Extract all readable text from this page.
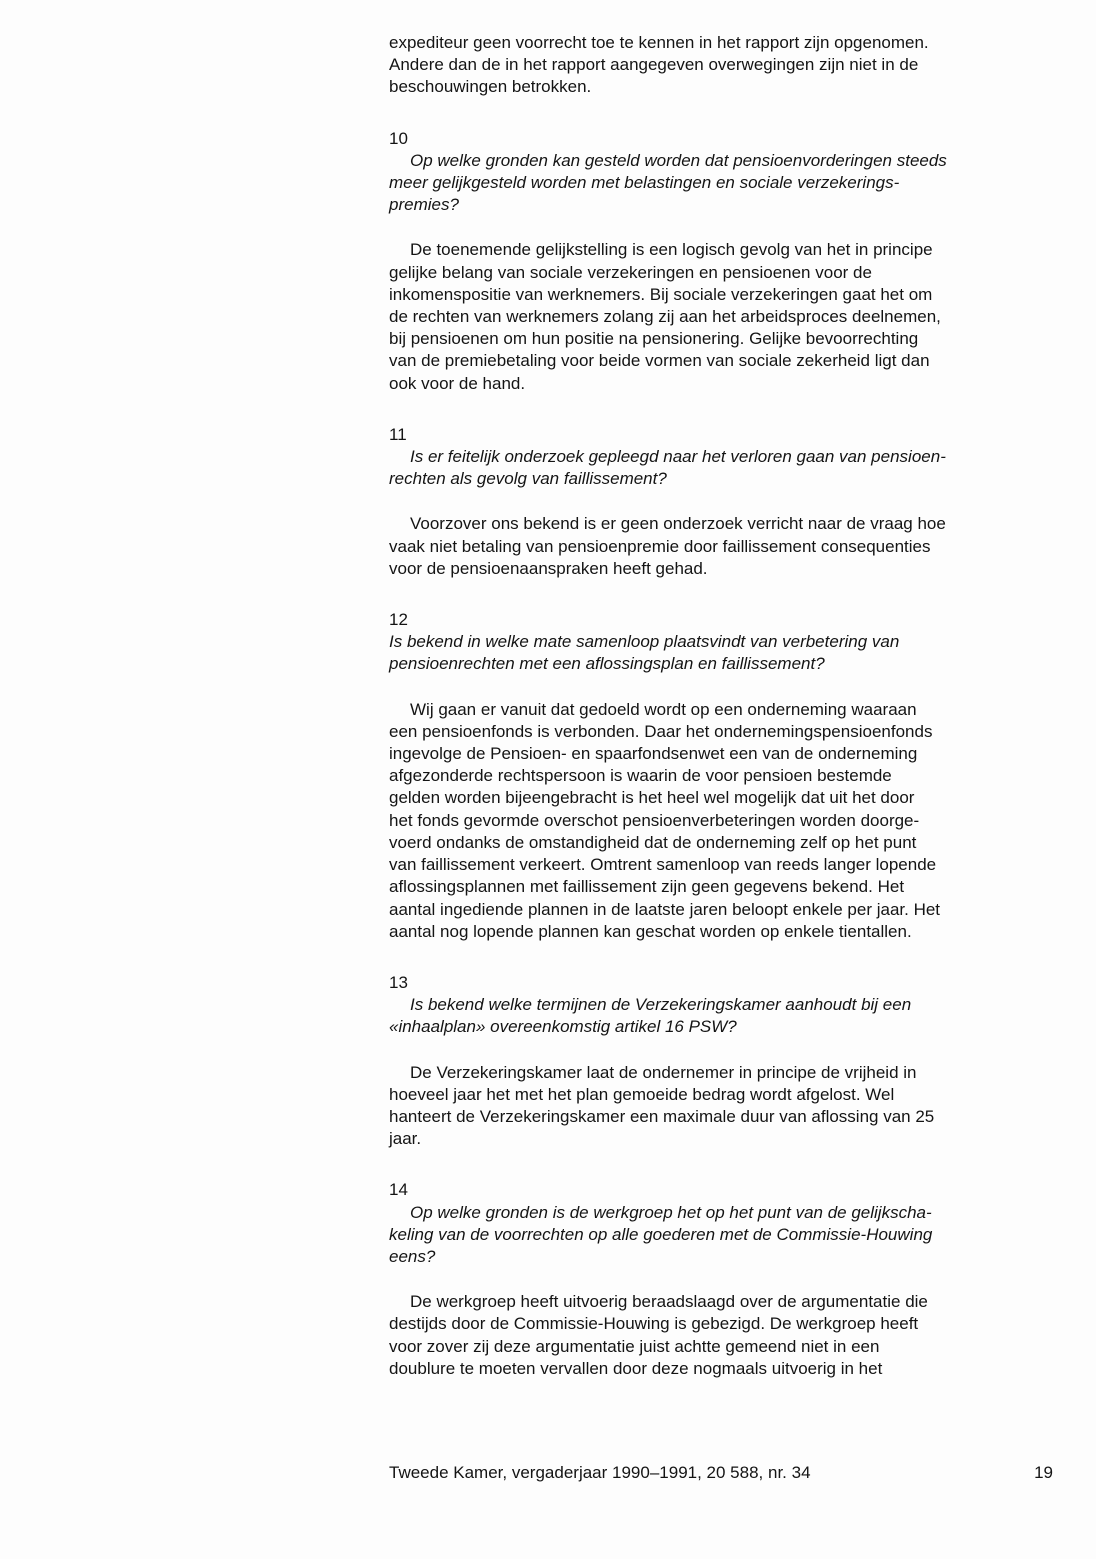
expediteur geen voorrecht toe te kennen in het rapport zijn opgenomen.
Andere dan de in het rapport aangegeven overwegingen zijn niet in de
beschouwingen betrokken.

10

Op welke gronden kan gesteld worden dat pensioenvorderingen steeds
meer gelijkgesteld worden met belastingen en sociale verzekerings-
premies?

De toenemende gelijkstelling is een logisch gevolg van het in principe
gelijke belang van sociale verzekeringen en pensioenen voor de
inkomenspositie van werknemers. Bij sociale verzekeringen gaat het om
de rechten van werknemers zolang zij aan het arbeidsproces deelnemen,
bij pensioenen om hun positie na pensionering. Gelijke bevoorrechting
van de premiebetaling voor beide vormen van sociale zekerheid ligt dan
ook voor de hand.

11

Is er feitelijk onderzoek gepleegd naar het verloren gaan van pensioen-
rechten als gevolg van faillissement?

Voorzover ons bekend is er geen onderzoek verricht naar de vraag hoe
vaak niet betaling van pensioenpremie door faillissement consequenties
voor de pensioenaanspraken heeft gehad.

12

Is bekend in welke mate samenloop plaatsvindt van verbetering van
pensioenrechten met een aflossingsplan en faillissement?

Wij gaan er vanuit dat gedoeld wordt op een onderneming waaraan
een pensioenfonds is verbonden. Daar het ondernemingspensioenfonds
ingevolge de Pensioen- en spaarfondsenwet een van de onderneming
afgezonderde rechtspersoon is waarin de voor pensioen bestemde
gelden worden bijeengebracht is het heel wel mogelijk dat uit het door
het fonds gevormde overschot pensioenverbeteringen worden doorge-
voerd ondanks de omstandigheid dat de onderneming zelf op het punt
van faillissement verkeert. Omtrent samenloop van reeds langer lopende
aflossingsplannen met faillissement zijn geen gegevens bekend. Het
aantal ingediende plannen in de laatste jaren beloopt enkele per jaar. Het
aantal nog lopende plannen kan geschat worden op enkele tientallen.

13

Is bekend welke termijnen de Verzekeringskamer aanhoudt bij een
«inhaalplan» overeenkomstig artikel 16 PSW?

De Verzekeringskamer laat de ondernemer in principe de vrijheid in
hoeveel jaar het met het plan gemoeide bedrag wordt afgelost. Wel
hanteert de Verzekeringskamer een maximale duur van aflossing van 25
jaar.

14

Op welke gronden is de werkgroep het op het punt van de gelijkscha-
keling van de voorrechten op alle goederen met de Commissie-Houwing
eens?

De werkgroep heeft uitvoerig beraadslaagd over de argumentatie die
destijds door de Commissie-Houwing is gebezigd. De werkgroep heeft
voor zover zij deze argumentatie juist achtte gemeend niet in een
doublure te moeten vervallen door deze nogmaals uitvoerig in het

Tweede Kamer, vergaderjaar 1990–1991, 20 588, nr. 34	19
